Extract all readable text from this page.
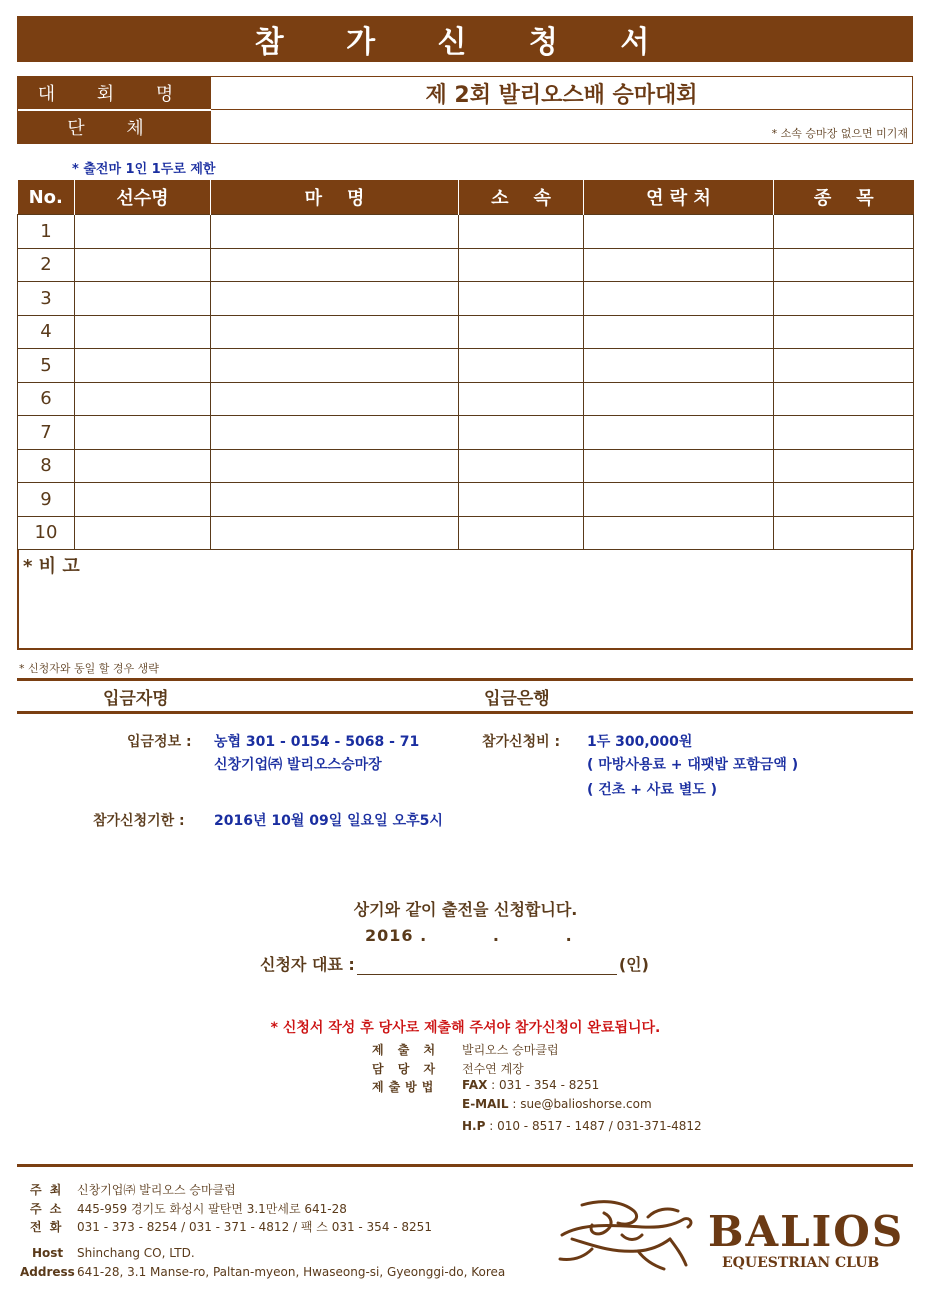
참 가 신 청 서
대 회 명	제 2회 발리오스배 승마대회
단 체	* 소속 승마장 없으면 미기재
* 출전마 1인 1두로 제한
No.	선수명	마    명	소    속	연 락 처	종    목
1					
2					
3					
4					
5					
6					
7					
8					
9					
10					
* 비 고
* 신청자와 동일 할 경우 생략
입금자명	입금은행
입금정보 : 농협 301 - 0154 - 5068 - 71
신창기업㈜ 발리오스승마장
참가신청비 : 1두 300,000원
( 마방사용료 + 대팻밥 포함금액 )
( 건초 + 사료 별도 )
참가신청기한 : 2016년 10월 09일 일요일 오후5시
상기와 같이 출전을 신청합니다.
2016 .          .          .
신청자 대표 :	(인)
* 신청서 작성 후 당사로 제출해 주셔야 참가신청이 완료됩니다.
제 출 처 발리오스 승마클럽
담 당 자 전수연 계장
제출방법 FAX : 031 - 354 - 8251
E-MAIL : sue@balioshorse.com
H.P : 010 - 8517 - 1487 / 031-371-4812
주 최 신창기업㈜ 발리오스 승마클럽
주 소 445-959 경기도 화성시 팔탄면 3.1만세로 641-28
전 화 031 - 373 - 8254 / 031 - 371 - 4812 / 팩 스 031 - 354 - 8251
Host Shinchang CO, LTD.
Address 641-28, 3.1 Manse-ro, Paltan-myeon, Hwaseong-si, Gyeonggi-do, Korea
BALIOS
EQUESTRIAN CLUB
